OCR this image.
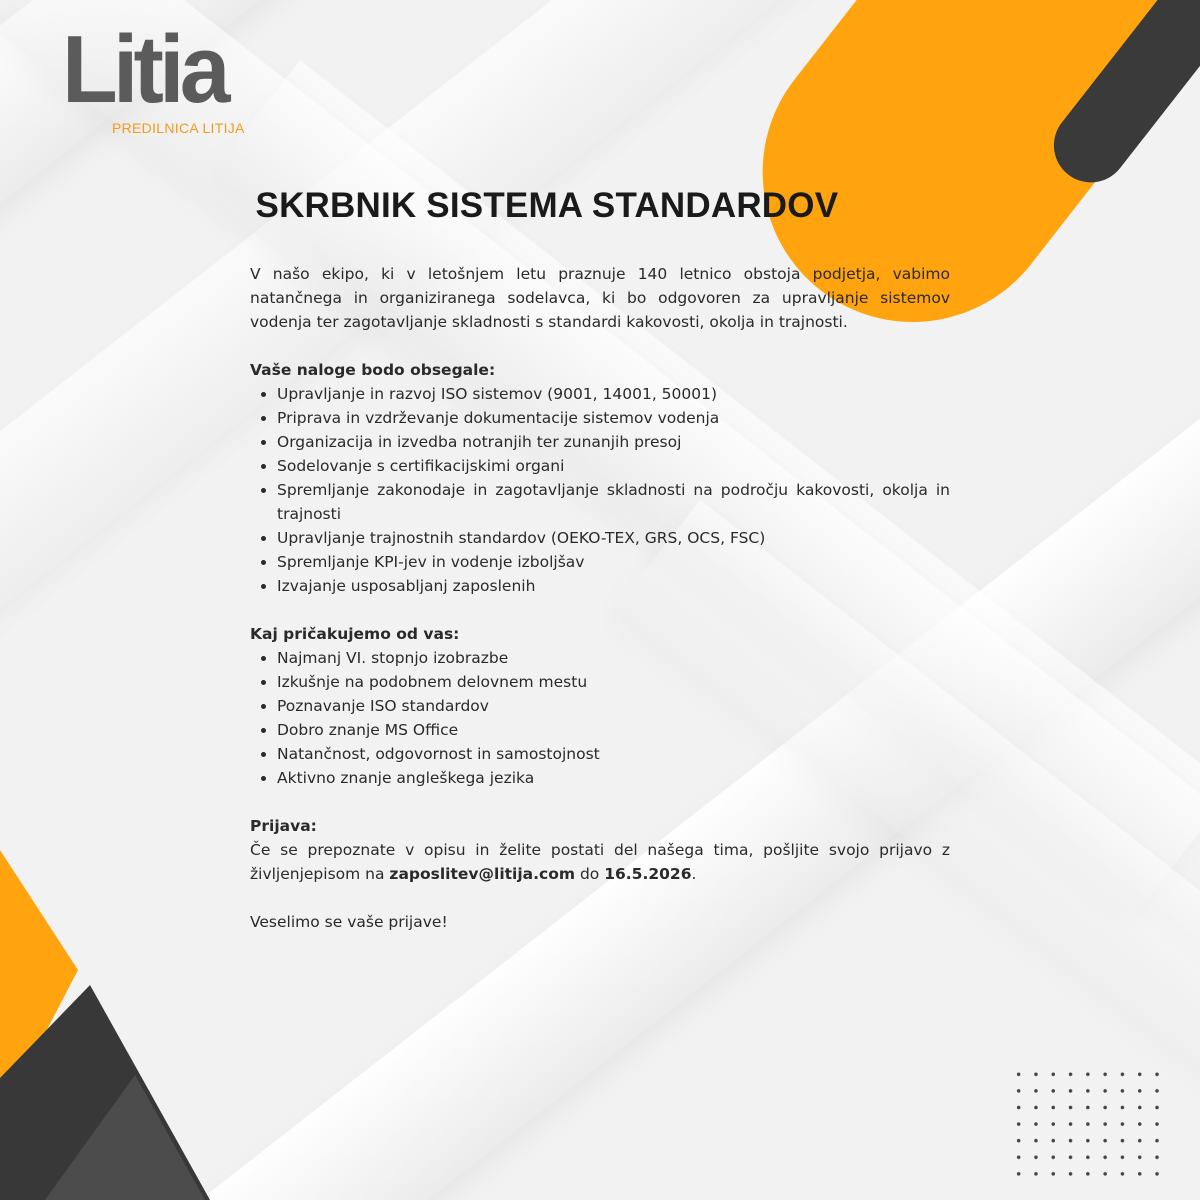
Litia
PREDILNICA LITIJA
SKRBNIK SISTEMA STANDARDOV M/Ž/D

V našo ekipo, ki v letošnjem letu praznuje 140 letnico obstoja podjetja, vabimo natančnega in organiziranega sodelavca, ki bo odgovoren za upravljanje sistemov vodenja ter zagotavljanje skladnosti s standardi kakovosti, okolja in trajnosti.

Vaše naloge bodo obsegale:
• Upravljanje in razvoj ISO sistemov (9001, 14001, 50001)
• Priprava in vzdrževanje dokumentacije sistemov vodenja
• Organizacija in izvedba notranjih ter zunanjih presoj
• Sodelovanje s certifikacijskimi organi
• Spremljanje zakonodaje in zagotavljanje skladnosti na področju kakovosti, okolja in trajnosti
• Upravljanje trajnostnih standardov (OEKO-TEX, GRS, OCS, FSC)
• Spremljanje KPI-jev in vodenje izboljšav
• Izvajanje usposabljanj zaposlenih
Kaj pričakujemo od vas:
• Najmanj VI. stopnjo izobrazbe
• Izkušnje na podobnem delovnem mestu
• Poznavanje ISO standardov
• Dobro znanje MS Office
• Natančnost, odgovornost in samostojnost
• Aktivno znanje angleškega jezika
Prijava:

Če se prepoznate v opisu in želite postati del našega tima, pošljite svojo prijavo z življenjepisom na zaposlitev@litija.com do 16.5.2026.

Veselimo se vaše prijave!
